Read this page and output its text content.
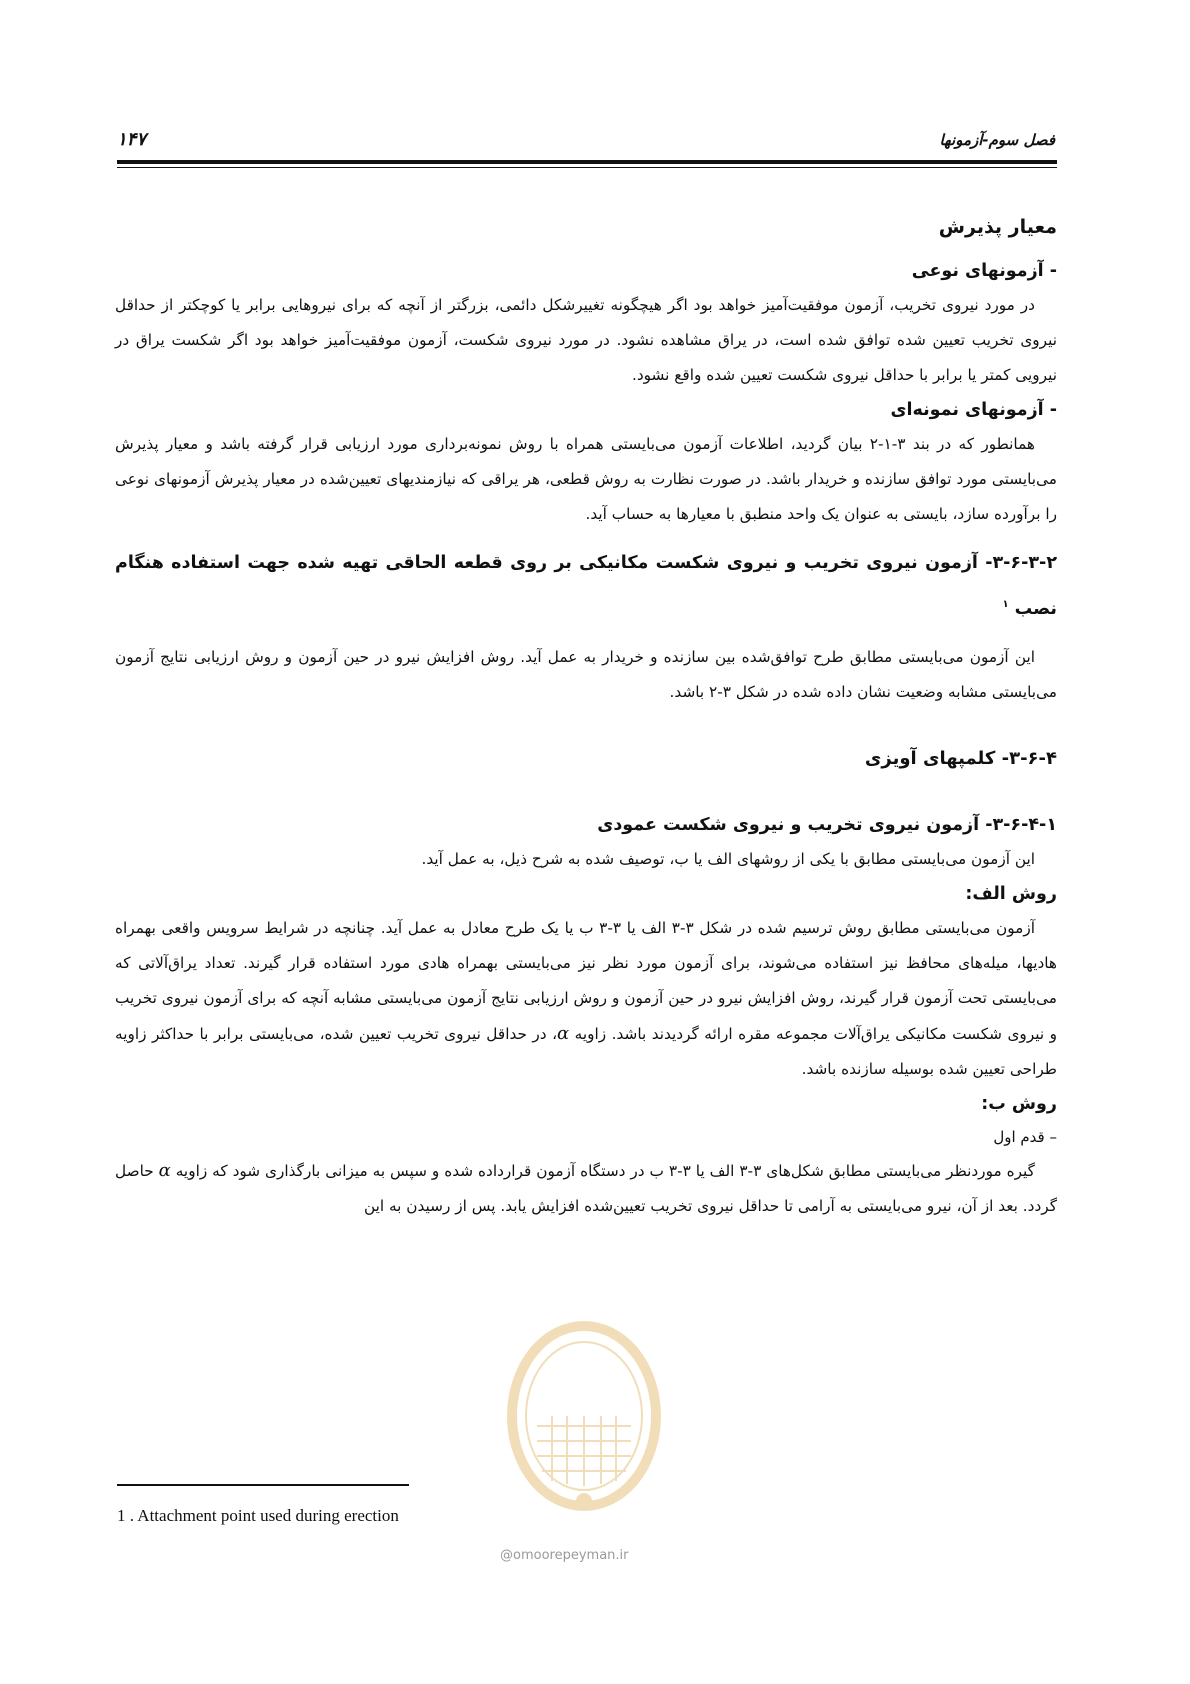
فصل سوم-آزمونها
۱۴۷
معیار پذیرش
- آزمونهای نوعی

در مورد نیروی تخریب، آزمون موفقیت‌آمیز خواهد بود اگر هیچگونه تغییرشکل دائمی، بزرگتر از آنچه که برای نیروهایی برابر یا کوچکتر از حداقل نیروی تخریب تعیین شده توافق شده است، در یراق مشاهده نشود. در مورد نیروی شکست، آزمون موفقیت‌آمیز خواهد بود اگر شکست یراق در نیرویی کمتر یا برابر با حداقل نیروی شکست تعیین شده واقع نشود.

- آزمونهای نمونه‌ای

همانطور که در بند ۳-۱-۲ بیان گردید، اطلاعات آزمون می‌بایستی همراه با روش نمونه‌برداری مورد ارزیابی قرار گرفته باشد و معیار پذیرش می‌بایستی مورد توافق سازنده و خریدار باشد. در صورت نظارت به روش قطعی، هر یراقی که نیازمندیهای تعیین‌شده در معیار پذیرش آزمونهای نوعی را برآورده سازد، بایستی به عنوان یک واحد منطبق با معیارها به حساب آید.

۳-۶-۳-۲- آزمون نیروی تخریب و نیروی شکست مکانیکی بر روی قطعه الحاقی تهیه شده جهت استفاده هنگام نصب $^۱$

این آزمون می‌بایستی مطابق طرح توافق‌شده بین سازنده و خریدار به عمل آید. روش افزایش نیرو در حین آزمون و روش ارزیابی نتایج آزمون می‌بایستی مشابه وضعیت نشان داده شده در شکل ۳-۲ باشد.

۳-۶-۴- کلمپهای آویزی
۳-۶-۴-۱- آزمون نیروی تخریب و نیروی شکست عمودی

این آزمون می‌بایستی مطابق با یکی از روشهای الف یا ب، توصیف شده به شرح ذیل، به عمل آید.

روش الف:

آزمون می‌بایستی مطابق روش ترسیم شده در شکل ۳-۳ الف یا ۳-۳ ب یا یک طرح معادل به عمل آید. چنانچه در شرایط سرویس واقعی بهمراه هادیها، میله‌های محافظ نیز استفاده می‌شوند، برای آزمون مورد نظر نیز می‌بایستی بهمراه هادی مورد استفاده قرار گیرند. تعداد یراق‌آلاتی که می‌بایستی تحت آزمون قرار گیرند، روش افزایش نیرو در حین آزمون و روش ارزیابی نتایج آزمون می‌بایستی مشابه آنچه که برای آزمون نیروی تخریب و نیروی شکست مکانیکی یراق‌آلات مجموعه مقره ارائه گردیدند باشد. زاویه α، در حداقل نیروی تخریب تعیین شده، می‌بایستی برابر با حداکثر زاویه طراحی تعیین شده بوسیله سازنده باشد.

روش ب:
– قدم اول

گیره موردنظر می‌بایستی مطابق شکل‌های ۳-۳ الف یا ۳-۳ ب در دستگاه آزمون قرارداده شده و سپس به میزانی بارگذاری شود که زاویه α حاصل گردد. بعد از آن، نیرو می‌بایستی به آرامی تا حداقل نیروی تخریب تعیین‌شده افزایش یابد. پس از رسیدن به این

1 . Attachment point used during erection
@omoorepeyman.ir
